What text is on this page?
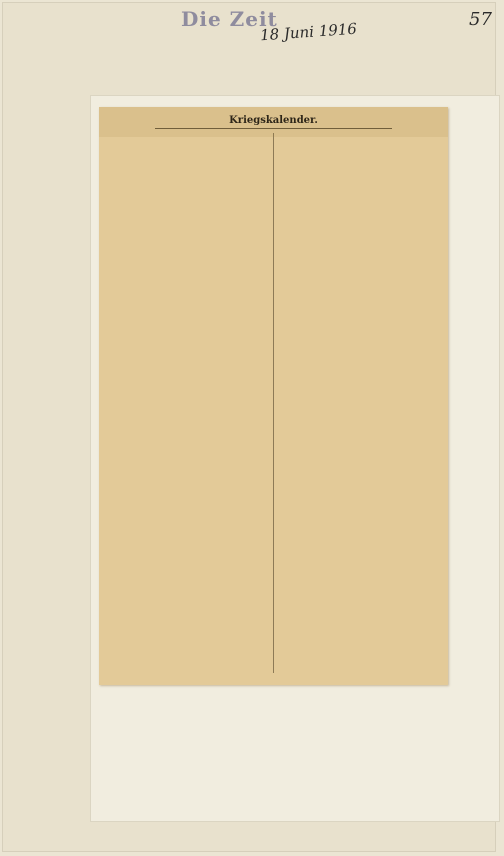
Die Zeit
18 Juni 1916
57
Kriegskalender.
